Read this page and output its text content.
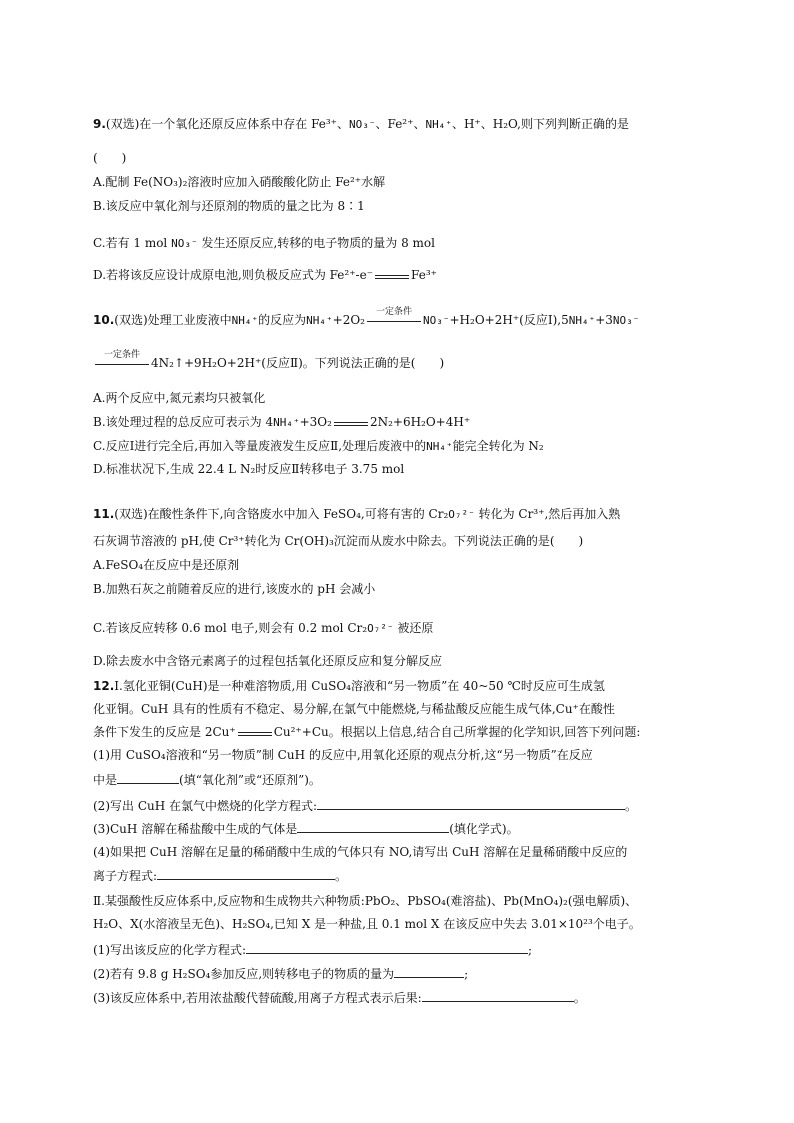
9.(双选)在一个氧化还原反应体系中存在 Fe³⁺、NO₃⁻、Fe²⁺、NH₄⁺、H⁺、H₂O,则下列判断正确的是
(　　)
A.配制 Fe(NO₃)₂溶液时应加入硝酸酸化防止 Fe²⁺水解
B.该反应中氧化剂与还原剂的物质的量之比为 8∶1
C.若有 1 mol NO₃⁻ 发生还原反应,转移的电子物质的量为 8 mol
D.若将该反应设计成原电池,则负极反应式为 Fe²⁺-e⁻	Fe³⁺
10.(双选)处理工业废液中NH₄⁺的反应为NH₄⁺+2O₂
一定条件
NO₃⁻+H₂O+2H⁺(反应Ⅰ),5NH₄⁺+3NO₃⁻
一定条件
4N₂↑+9H₂O+2H⁺(反应Ⅱ)。下列说法正确的是(　　)
A.两个反应中,氮元素均只被氧化
B.该处理过程的总反应可表示为 4NH₄⁺+3O₂	2N₂+6H₂O+4H⁺
C.反应Ⅰ进行完全后,再加入等量废液发生反应Ⅱ,处理后废液中的NH₄⁺能完全转化为 N₂
D.标准状况下,生成 22.4 L N₂时反应Ⅱ转移电子 3.75 mol
11.(双选)在酸性条件下,向含铬废水中加入 FeSO₄,可将有害的 Cr₂O₇²⁻ 转化为 Cr³⁺,然后再加入熟
石灰调节溶液的 pH,使 Cr³⁺转化为 Cr(OH)₃沉淀而从废水中除去。下列说法正确的是(　　)
A.FeSO₄在反应中是还原剂
B.加熟石灰之前随着反应的进行,该废水的 pH 会减小
C.若该反应转移 0.6 mol 电子,则会有 0.2 mol Cr₂O₇²⁻ 被还原
D.除去废水中含铬元素离子的过程包括氧化还原反应和复分解反应
12.Ⅰ.氢化亚铜(CuH)是一种难溶物质,用 CuSO₄溶液和“另一物质”在 40~50 ℃时反应可生成氢
化亚铜。CuH 具有的性质有不稳定、易分解,在氯气中能燃烧,与稀盐酸反应能生成气体,Cu⁺在酸性
条件下发生的反应是 2Cu⁺	Cu²⁺+Cu。根据以上信息,结合自己所掌握的化学知识,回答下列问题:
(1)用 CuSO₄溶液和“另一物质”制 CuH 的反应中,用氧化还原的观点分析,这“另一物质”在反应
中是	(填“氧化剂”或“还原剂”)。
(2)写出 CuH 在氯气中燃烧的化学方程式:	。
(3)CuH 溶解在稀盐酸中生成的气体是	(填化学式)。
(4)如果把 CuH 溶解在足量的稀硝酸中生成的气体只有 NO,请写出 CuH 溶解在足量稀硝酸中反应的
离子方程式:	。
Ⅱ.某强酸性反应体系中,反应物和生成物共六种物质:PbO₂、PbSO₄(难溶盐)、Pb(MnO₄)₂(强电解质)、
H₂O、X(水溶液呈无色)、H₂SO₄,已知 X 是一种盐,且 0.1 mol X 在该反应中失去 3.01×10²³个电子。
(1)写出该反应的化学方程式:	;
(2)若有 9.8 g H₂SO₄参加反应,则转移电子的物质的量为	;
(3)该反应体系中,若用浓盐酸代替硫酸,用离子方程式表示后果:	。
